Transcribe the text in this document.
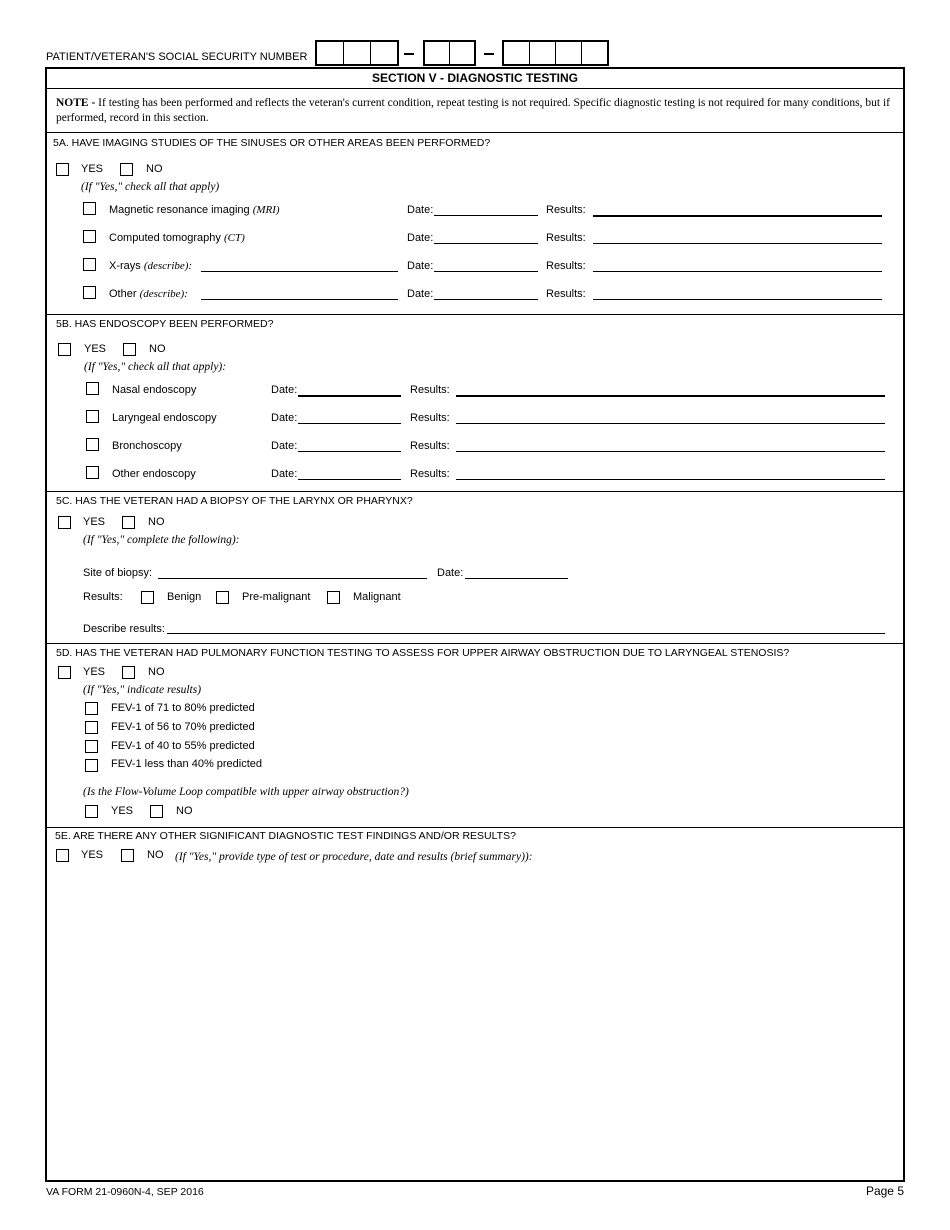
PATIENT/VETERAN'S SOCIAL SECURITY NUMBER
SECTION V - DIAGNOSTIC TESTING
NOTE - If testing has been performed and reflects the veteran's current condition, repeat testing is not required. Specific diagnostic testing is not required for many conditions, but if performed, record in this section.
5A. HAVE IMAGING STUDIES OF THE SINUSES OR OTHER AREAS BEEN PERFORMED?
YES	NO
(If "Yes," check all that apply)
Magnetic resonance imaging (MRI)	Date:	Results:
Computed tomography (CT)	Date:	Results:
X-rays (describe):	Date:	Results:
Other (describe):	Date:	Results:
5B. HAS ENDOSCOPY BEEN PERFORMED?
YES	NO
(If "Yes," check all that apply):
Nasal endoscopy	Date:	Results:
Laryngeal endoscopy	Date:	Results:
Bronchoscopy	Date:	Results:
Other endoscopy	Date:	Results:
5C. HAS THE VETERAN HAD A BIOPSY OF THE LARYNX OR PHARYNX?
YES	NO
(If "Yes," complete the following):
Site of biopsy:	Date:
Results:	Benign	Pre-malignant	Malignant
Describe results:
5D. HAS THE VETERAN HAD PULMONARY FUNCTION TESTING TO ASSESS FOR UPPER AIRWAY OBSTRUCTION DUE TO LARYNGEAL STENOSIS?
YES	NO
(If "Yes," indicate results)
FEV-1 of 71 to 80% predicted
FEV-1 of 56 to 70% predicted
FEV-1 of 40 to 55% predicted
FEV-1 less than 40% predicted
(Is the Flow-Volume Loop compatible with upper airway obstruction?)
YES	NO
5E. ARE THERE ANY OTHER SIGNIFICANT DIAGNOSTIC TEST FINDINGS AND/OR RESULTS?
YES	NO (If "Yes," provide type of test or procedure, date and results (brief summary)):
VA FORM 21-0960N-4, SEP 2016	Page 5
